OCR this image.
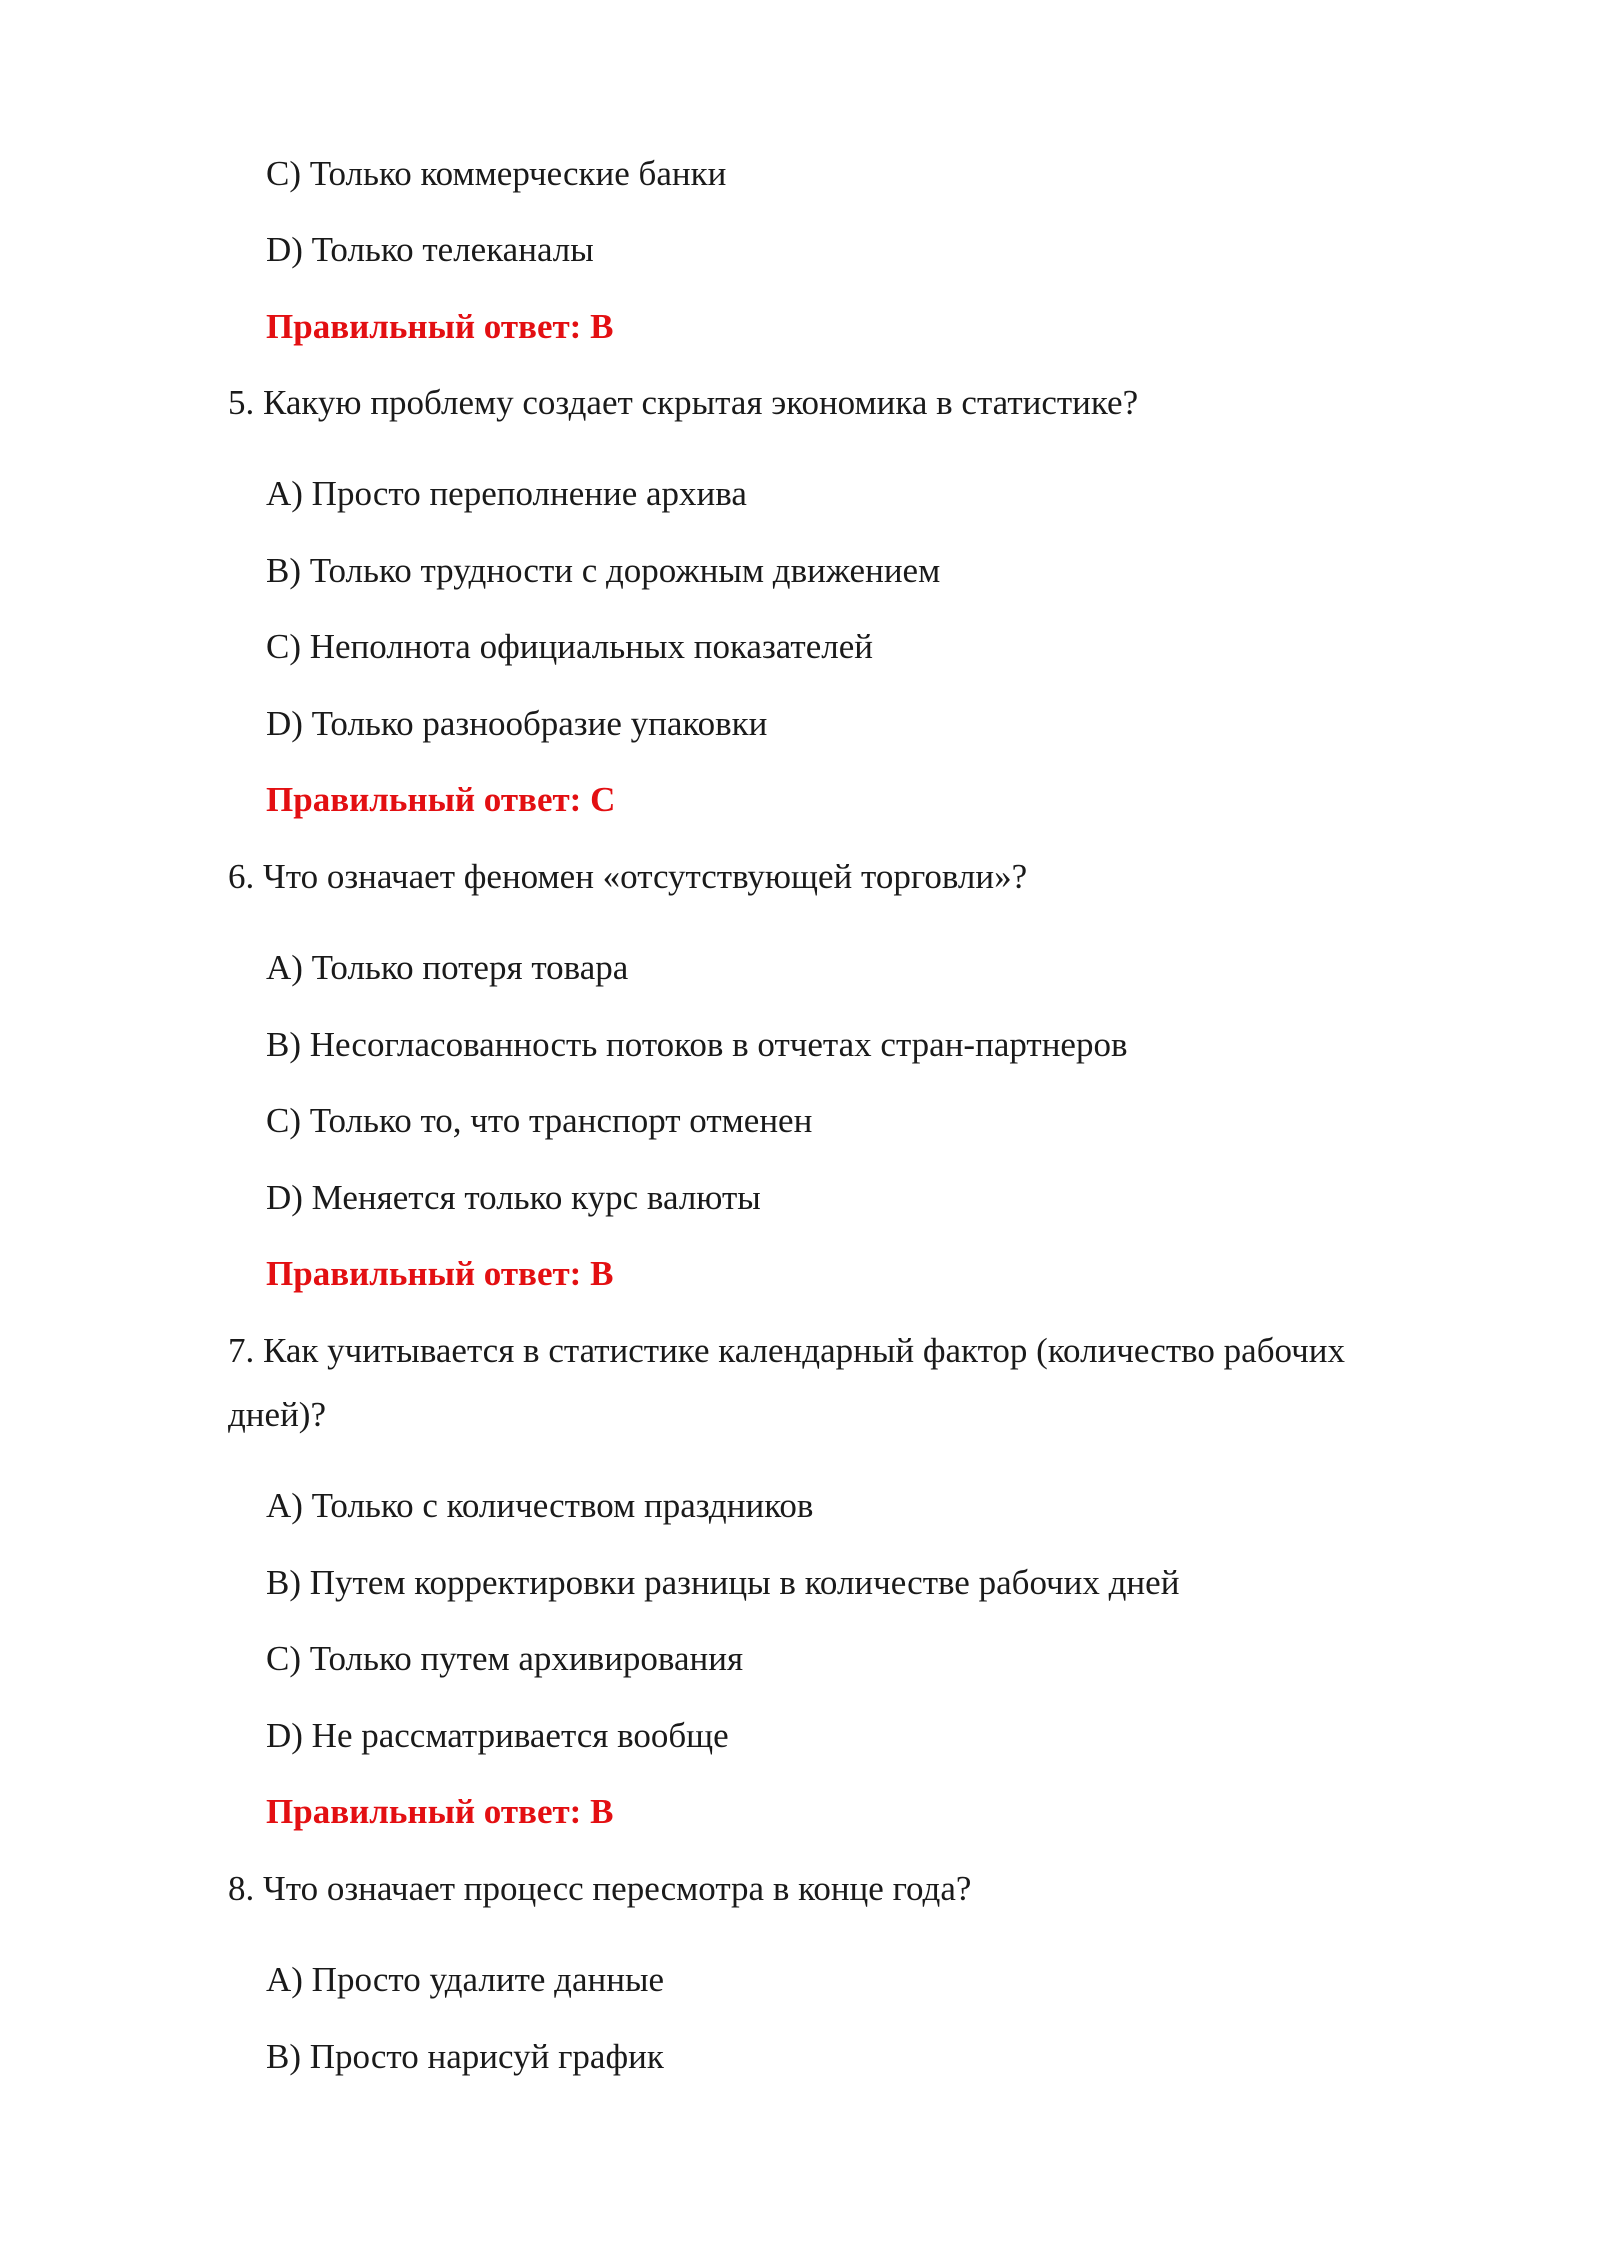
C) Только коммерческие банки
D) Только телеканалы
Правильный ответ: B
5. Какую проблему создает скрытая экономика в статистике?
A) Просто переполнение архива
B) Только трудности с дорожным движением
C) Неполнота официальных показателей
D) Только разнообразие упаковки
Правильный ответ: C
6. Что означает феномен «отсутствующей торговли»?
A) Только потеря товара
B) Несогласованность потоков в отчетах стран-партнеров
C) Только то, что транспорт отменен
D) Меняется только курс валюты
Правильный ответ: B
7. Как учитывается в статистике календарный фактор (количество рабочих
дней)?
A) Только с количеством праздников
B) Путем корректировки разницы в количестве рабочих дней
C) Только путем архивирования
D) Не рассматривается вообще
Правильный ответ: B
8. Что означает процесс пересмотра в конце года?
A) Просто удалите данные
B) Просто нарисуй график
